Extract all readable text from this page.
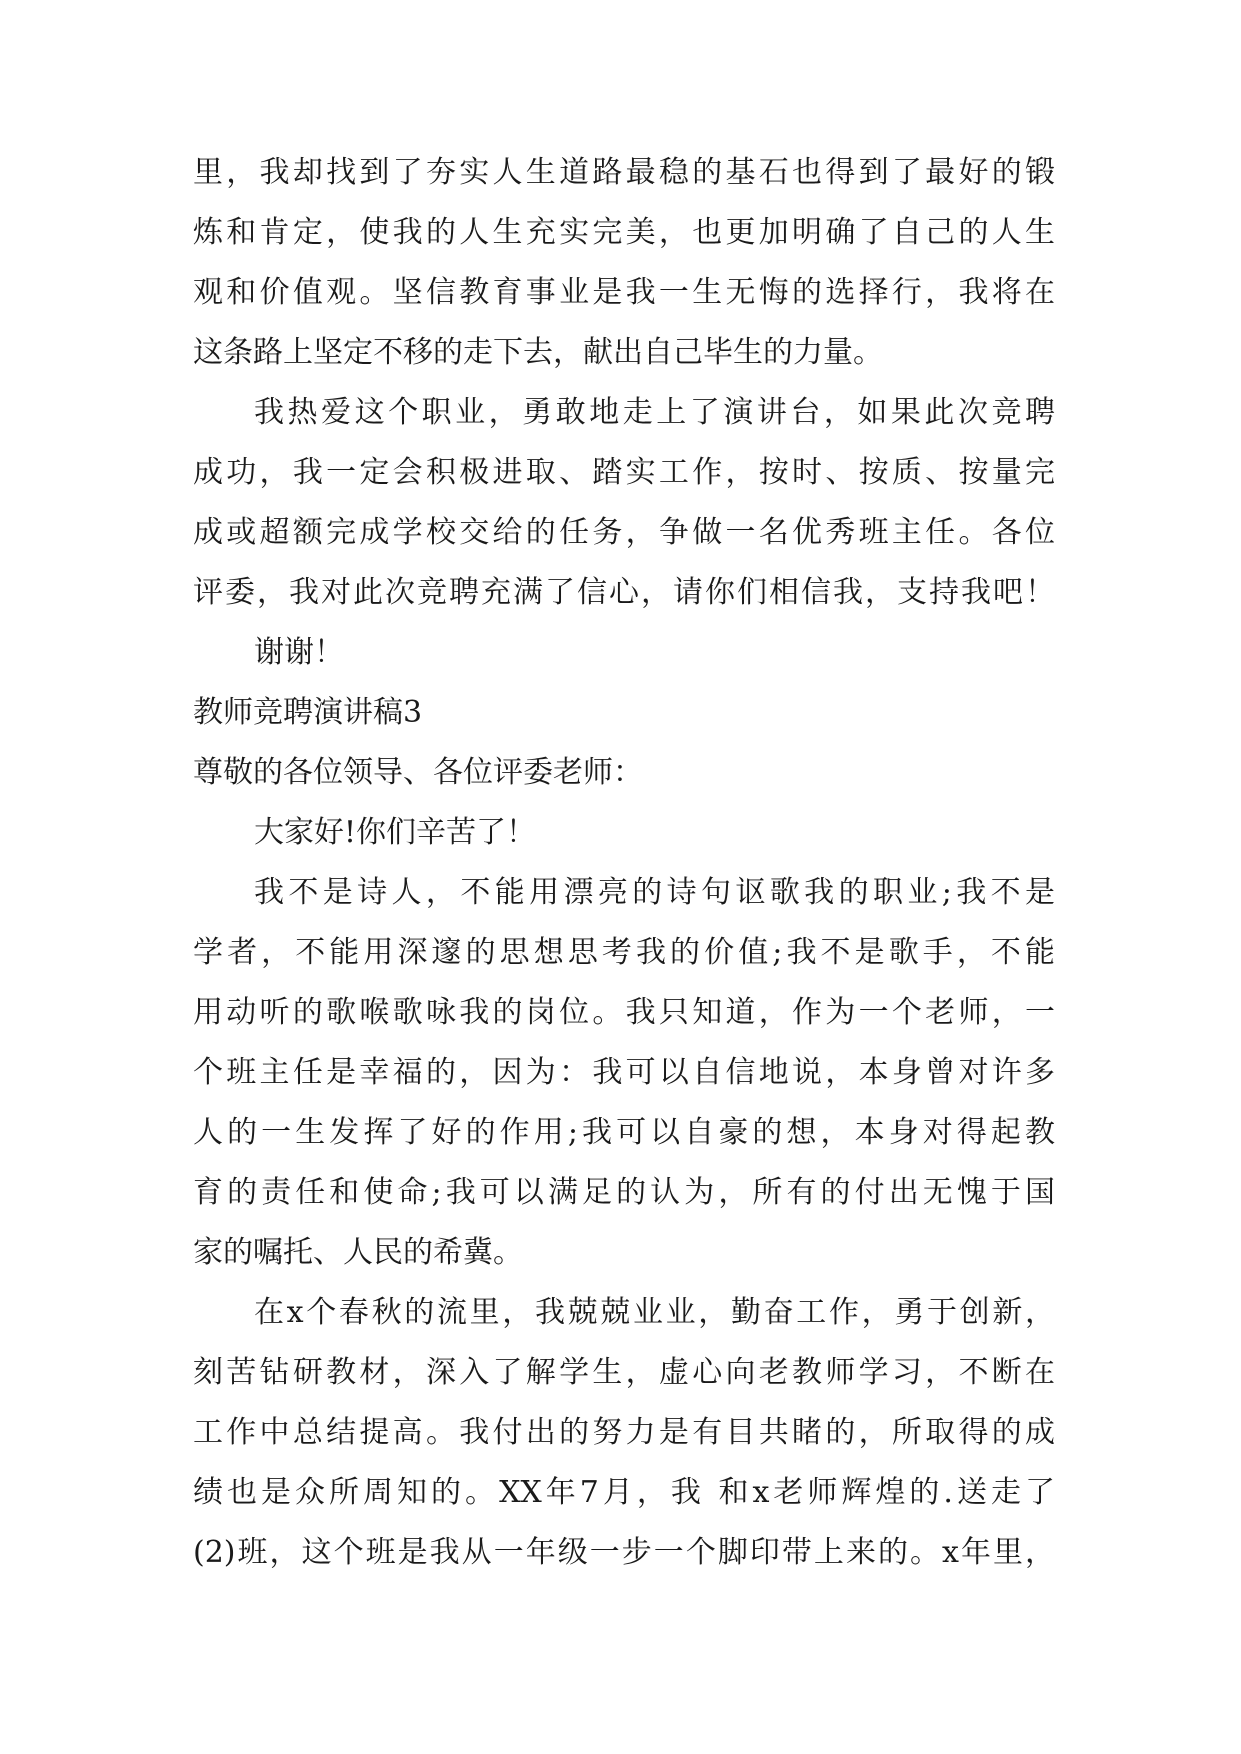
里，我却找到了夯实人生道路最稳的基石也得到了最好的锻
炼和肯定，使我的人生充实完美，也更加明确了自己的人生
观和价值观。坚信教育事业是我一生无悔的选择行，我将在
这条路上坚定不移的走下去，献出自己毕生的力量。
我热爱这个职业，勇敢地走上了演讲台，如果此次竞聘
成功，我一定会积极进取、踏实工作，按时、按质、按量完
成或超额完成学校交给的任务，争做一名优秀班主任。各位
评委，我对此次竞聘充满了信心，请你们相信我，支持我吧！
谢谢！
教师竞聘演讲稿3
尊敬的各位领导、各位评委老师：
大家好!你们辛苦了！
我不是诗人，不能用漂亮的诗句讴歌我的职业;我不是
学者，不能用深邃的思想思考我的价值;我不是歌手，不能
用动听的歌喉歌咏我的岗位。我只知道，作为一个老师，一
个班主任是幸福的，因为：我可以自信地说，本身曾对许多
人的一生发挥了好的作用;我可以自豪的想，本身对得起教
育的责任和使命;我可以满足的认为，所有的付出无愧于国
家的嘱托、人民的希冀。
在x个春秋的流里，我兢兢业业，勤奋工作，勇于创新，
刻苦钻研教材，深入了解学生，虚心向老教师学习，不断在
工作中总结提高。我付出的努力是有目共睹的，所取得的成
绩也是众所周知的。XX年7月，我 和x老师辉煌的.送走了
(2)班，这个班是我从一年级一步一个脚印带上来的。x年里，
